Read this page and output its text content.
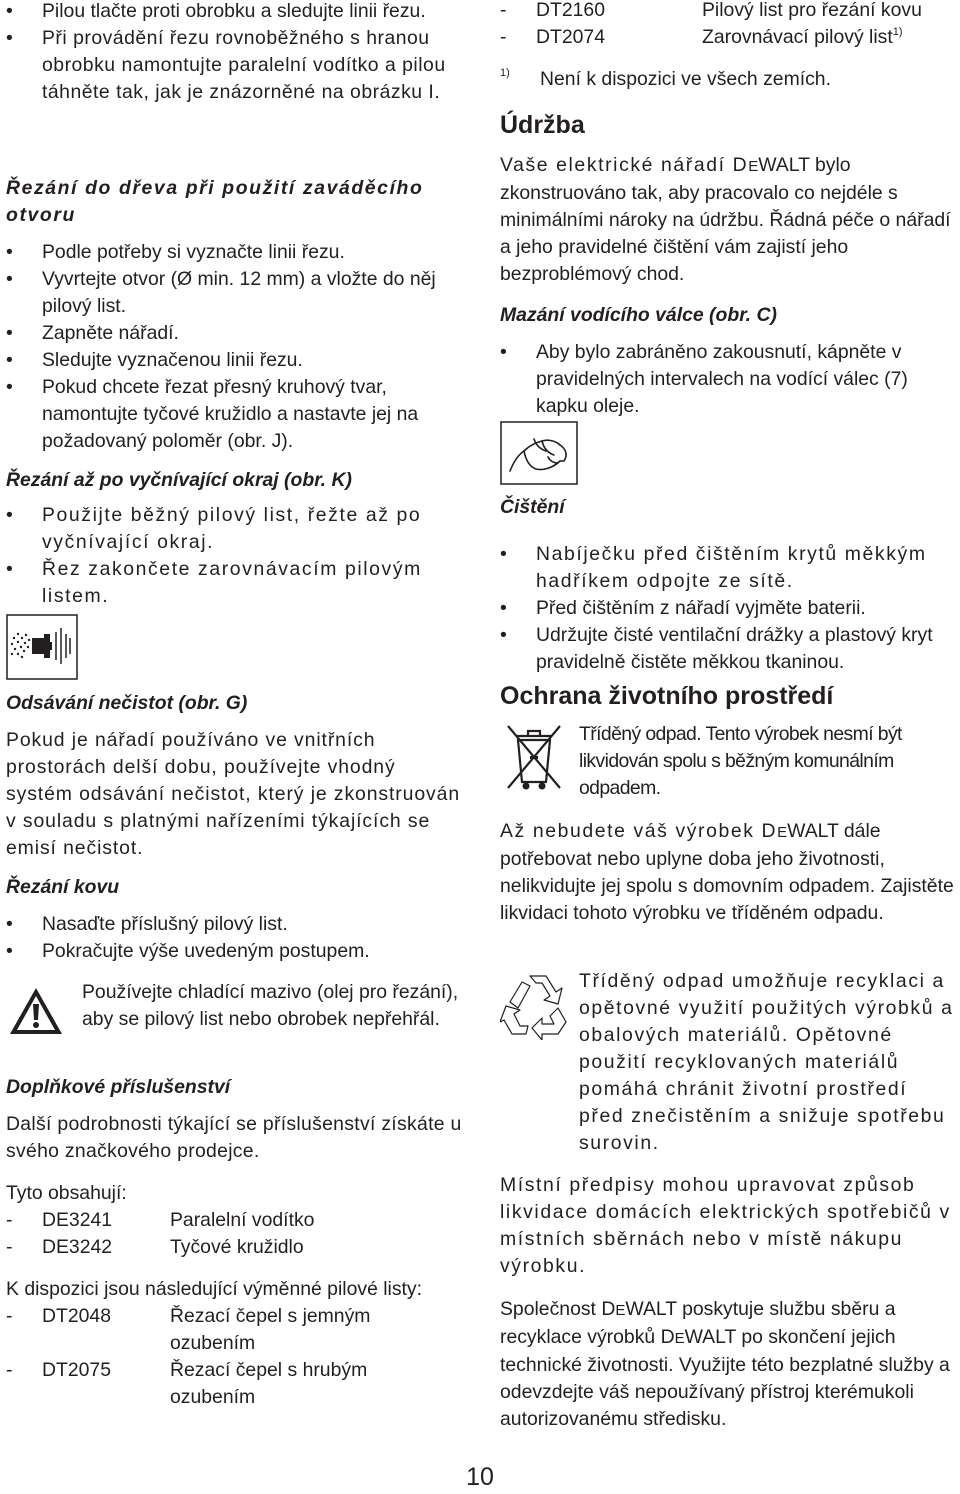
• Pilou tlačte proti obrobku a sledujte linii řezu.
• Při provádění řezu rovnoběžného s hranou obrobku namontujte paralelní vodítko a pilou táhněte tak, jak je znázorněné na obrázku I.

Řezání do dřeva při použití zaváděcího otvoru

• Podle potřeby si vyznačte linii řezu.
• Vyvrtejte otvor (Ø min. 12 mm) a vložte do něj pilový list.
• Zapněte nářadí.
• Sledujte vyznačenou linii řezu.
• Pokud chcete řezat přesný kruhový tvar, namontujte tyčové kružidlo a nastavte jej na požadovaný poloměr (obr. J).

Řezání až po vyčnívající okraj (obr. K)

• Použijte běžný pilový list, řežte až po vyčnívající okraj.
• Řez zakončete zarovnávacím pilovým listem.

Odsávání nečistot (obr. G)

Pokud je nářadí používáno ve vnitřních prostorách delší dobu, používejte vhodný systém odsávání nečistot, který je zkonstruován v souladu s platnými nařízeními týkajících se emisí nečistot.

Řezání kovu

• Nasaďte příslušný pilový list.
• Pokračujte výše uvedeným postupem.

Používejte chladící mazivo (olej pro řezání), aby se pilový list nebo obrobek nepřehřál.

Doplňkové příslušenství

Další podrobnosti týkající se příslušenství získáte u svého značkového prodejce.

Tyto obsahují:

- DE3241	Paralelní vodítko
- DE3242	Tyčové kružidlo

K dispozici jsou následující výměnné pilové listy:

- DT2048	Řezací čepel s jemným ozubením
- DT2075	Řezací čepel s hrubým ozubením
- DT2160	Pilový list pro řezání kovu
- DT2074	Zarovnávací pilový list$^{1)}$
1)	Není k dispozici ve všech zemích.

Údržba

Vaše elektrické nářadí DEWALT bylo zkonstruováno tak, aby pracovalo co nejdéle s minimálními nároky na údržbu. Řádná péče o nářadí a jeho pravidelné čištění vám zajistí jeho bezproblémový chod.

Mazání vodícího válce (obr. C)

• Aby bylo zabráněno zakousnutí, kápněte v pravidelných intervalech na vodící válec (7) kapku oleje.

Čištění

• Nabíječku před čištěním krytů měkkým hadříkem odpojte ze sítě.
• Před čištěním z nářadí vyjměte baterii.
• Udržujte čisté ventilační drážky a plastový kryt pravidelně čistěte měkkou tkaninou.

Ochrana životního prostředí

Tříděný odpad. Tento výrobek nesmí být likvidován spolu s běžným komunálním odpadem.

Až nebudete váš výrobek DEWALT dále potřebovat nebo uplyne doba jeho životnosti, nelikvidujte jej spolu s domovním odpadem. Zajistěte likvidaci tohoto výrobku ve tříděném odpadu.

Tříděný odpad umožňuje recyklaci a opětovné využití použitých výrobků a obalových materiálů. Opětovné použití recyklovaných materiálů pomáhá chránit životní prostředí před znečistěním a snižuje spotřebu surovin.

Místní předpisy mohou upravovat způsob likvidace domácích elektrických spotřebičů v místních sběrnách nebo v místě nákupu výrobku.

Společnost DEWALT poskytuje službu sběru a recyklace výrobků DEWALT po skončení jejich technické životnosti. Využijte této bezplatné služby a odevzdejte váš nepoužívaný přístroj kterémukoli autorizovanému středisku.

10
